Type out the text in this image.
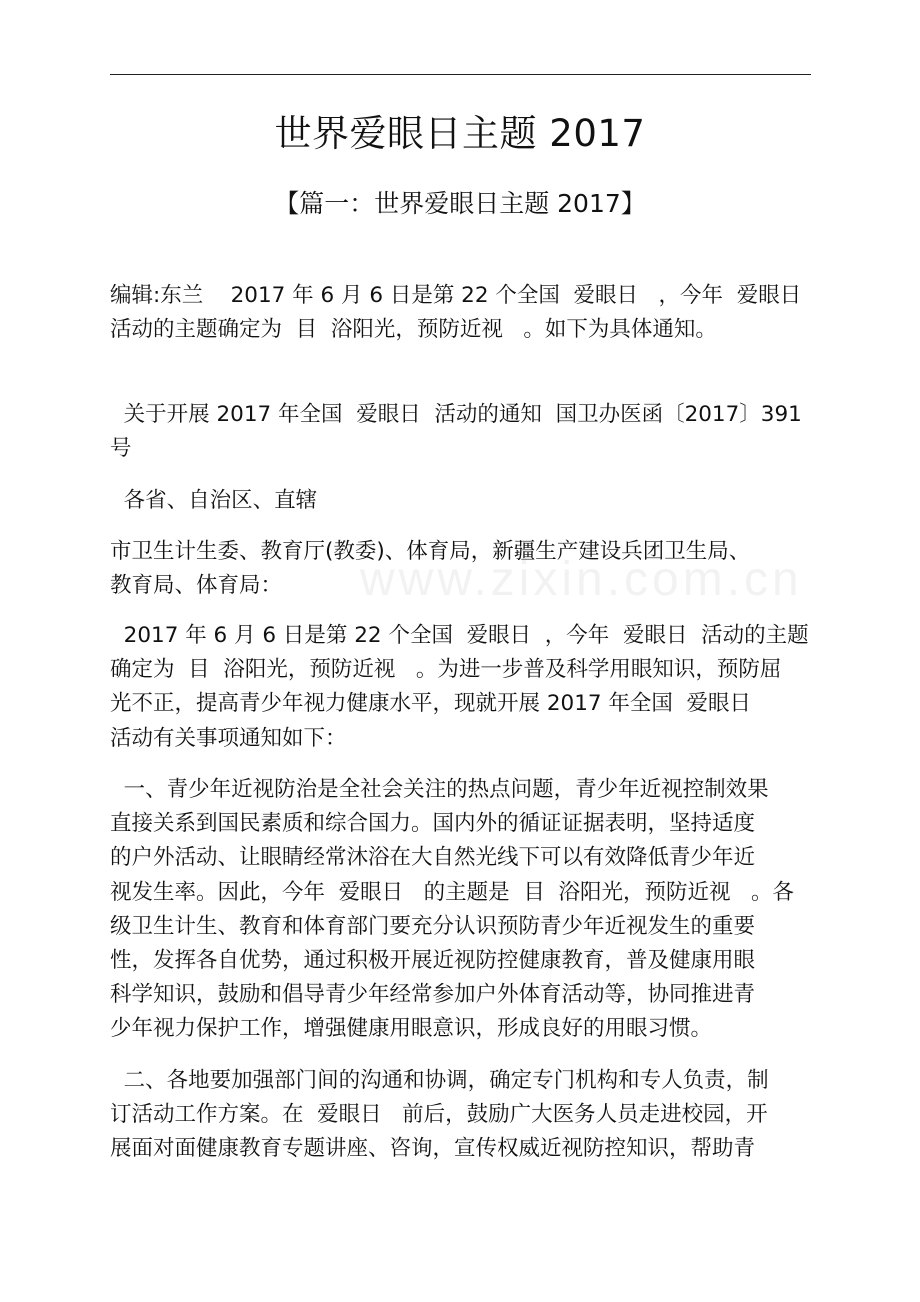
www.zixin.com.cn
世界爱眼日主题 2017
【篇一：世界爱眼日主题 2017】

编辑:东兰    2017 年 6 月 6 日是第 22 个全国  爱眼日   ，今年  爱眼日
活动的主题确定为  目  浴阳光，预防近视   。如下为具体通知。

关于开展 2017 年全国  爱眼日  活动的通知  国卫办医函〔2017〕391
号

各省、自治区、直辖

市卫生计生委、教育厅(教委)、体育局，新疆生产建设兵团卫生局、
教育局、体育局：

2017 年 6 月 6 日是第 22 个全国  爱眼日  ，今年  爱眼日  活动的主题
确定为  目  浴阳光，预防近视   。为进一步普及科学用眼知识，预防屈
光不正，提高青少年视力健康水平，现就开展 2017 年全国  爱眼日
活动有关事项通知如下：

一、青少年近视防治是全社会关注的热点问题，青少年近视控制效果
直接关系到国民素质和综合国力。国内外的循证证据表明，坚持适度
的户外活动、让眼睛经常沐浴在大自然光线下可以有效降低青少年近
视发生率。因此，今年  爱眼日   的主题是  目  浴阳光，预防近视   。各
级卫生计生、教育和体育部门要充分认识预防青少年近视发生的重要
性，发挥各自优势，通过积极开展近视防控健康教育，普及健康用眼
科学知识，鼓励和倡导青少年经常参加户外体育活动等，协同推进青
少年视力保护工作，增强健康用眼意识，形成良好的用眼习惯。

二、各地要加强部门间的沟通和协调，确定专门机构和专人负责，制
订活动工作方案。在  爱眼日   前后，鼓励广大医务人员走进校园，开
展面对面健康教育专题讲座、咨询，宣传权威近视防控知识，帮助青
